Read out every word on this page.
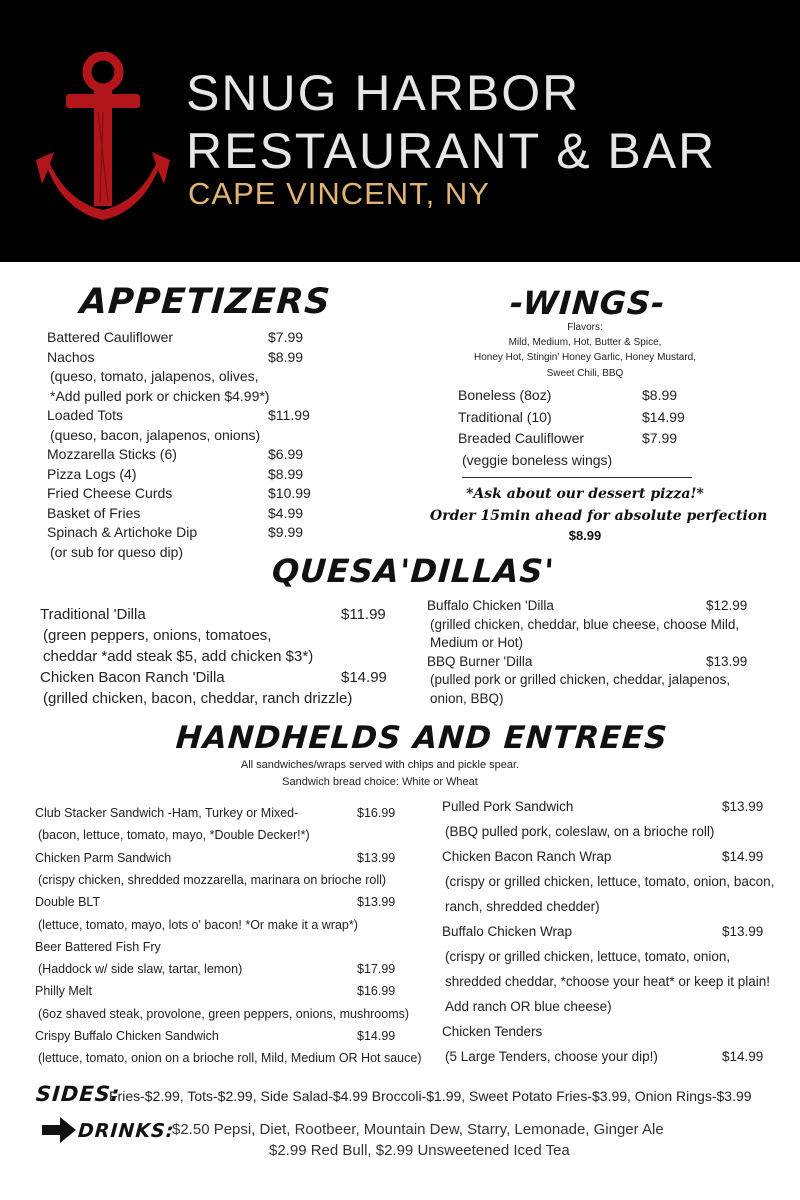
SNUG HARBOR
RESTAURANT & BAR
CAPE VINCENT, NY
APPETIZERS
Battered Cauliflower	$7.99
Nachos	$8.99
(queso, tomato, jalapenos, olives,
*Add pulled pork or chicken $4.99*)
Loaded Tots	$11.99
(queso, bacon, jalapenos, onions)
Mozzarella Sticks (6)	$6.99
Pizza Logs (4)	$8.99
Fried Cheese Curds	$10.99
Basket of Fries	$4.99
Spinach & Artichoke Dip	$9.99
(or sub for queso dip)
-WINGS-
Flavors:
Mild, Medium, Hot, Butter & Spice,
Honey Hot, Stingin' Honey Garlic, Honey Mustard,
Sweet Chili, BBQ
Boneless (8oz)	$8.99
Traditional (10)	$14.99
Breaded Cauliflower	$7.99
(veggie boneless wings)
*Ask about our dessert pizza!*
Order 15min ahead for absolute perfection
$8.99
QUESA'DILLAS'
Traditional 'Dilla	$11.99
(green peppers, onions, tomatoes,
cheddar *add steak $5, add chicken $3*)
Chicken Bacon Ranch 'Dilla	$14.99
(grilled chicken, bacon, cheddar, ranch drizzle)
Buffalo Chicken 'Dilla	$12.99
(grilled chicken, cheddar, blue cheese, choose Mild,
Medium or Hot)
BBQ Burner 'Dilla	$13.99
(pulled pork or grilled chicken, cheddar, jalapenos,
onion, BBQ)
HANDHELDS AND ENTREES
All sandwiches/wraps served with chips and pickle spear.
Sandwich bread choice: White or Wheat
Club Stacker Sandwich -Ham, Turkey or Mixed-	$16.99
(bacon, lettuce, tomato, mayo, *Double Decker!*)
Chicken Parm Sandwich	$13.99
(crispy chicken, shredded mozzarella, marinara on brioche roll)
Double BLT	$13.99
(lettuce, tomato, mayo, lots o' bacon! *Or make it a wrap*)
Beer Battered Fish Fry
(Haddock w/ side slaw, tartar, lemon)	$17.99
Philly Melt	$16.99
(6oz shaved steak, provolone, green peppers, onions, mushrooms)
Crispy Buffalo Chicken Sandwich	$14.99
(lettuce, tomato, onion on a brioche roll, Mild, Medium OR Hot sauce)
Pulled Pork Sandwich	$13.99
(BBQ pulled pork, coleslaw, on a brioche roll)
Chicken Bacon Ranch Wrap	$14.99
(crispy or grilled chicken, lettuce, tomato, onion, bacon,
ranch, shredded chedder)
Buffalo Chicken Wrap	$13.99
(crispy or grilled chicken, lettuce, tomato, onion,
shredded cheddar, *choose your heat* or keep it plain!
Add ranch OR blue cheese)
Chicken Tenders
(5 Large Tenders, choose your dip!)	$14.99
SIDES:
Fries-$2.99, Tots-$2.99, Side Salad-$4.99 Broccoli-$1.99, Sweet Potato Fries-$3.99, Onion Rings-$3.99
DRINKS:
$2.50 Pepsi, Diet, Rootbeer, Mountain Dew, Starry, Lemonade, Ginger Ale
$2.99 Red Bull, $2.99 Unsweetened Iced Tea
